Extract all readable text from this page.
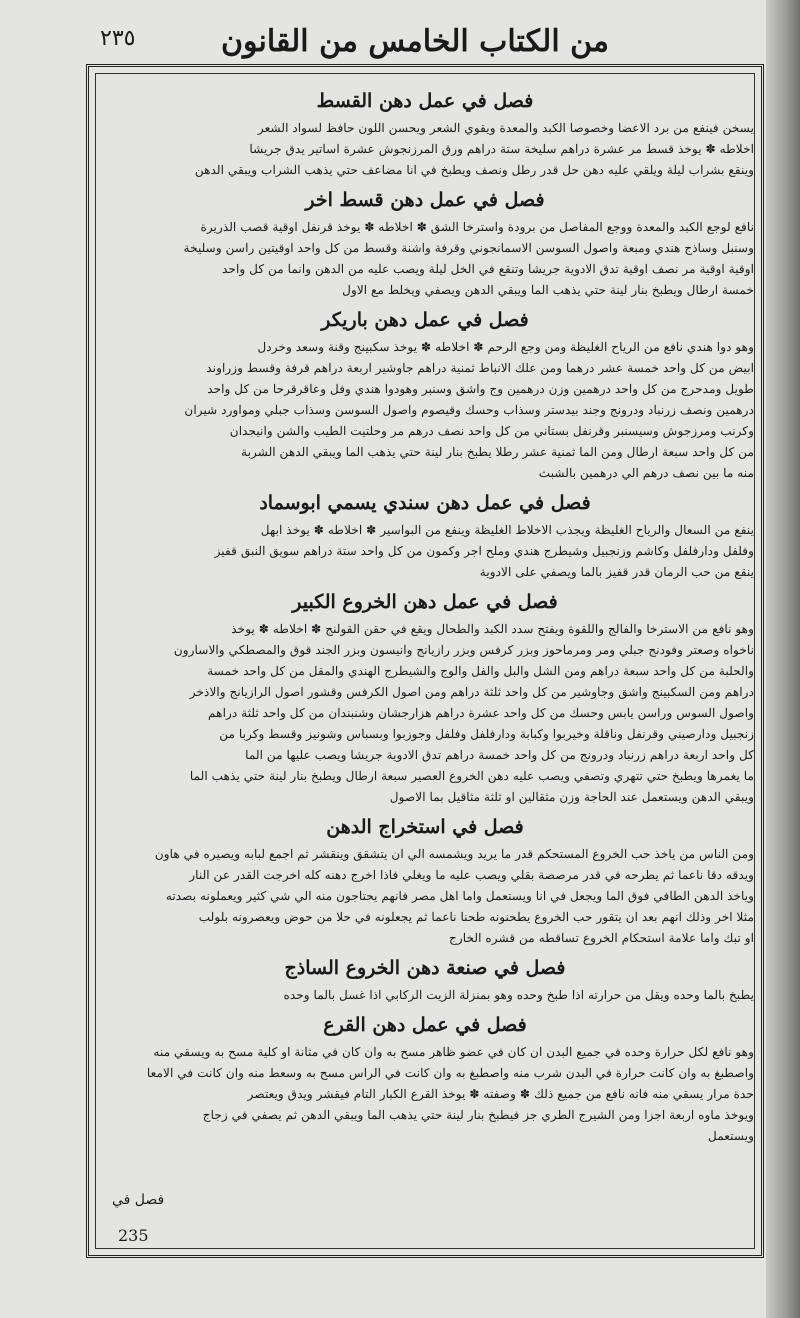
٢٣٥	من الكتاب الخامس من القانون
فصل في عمل دهن القسط
يسخن فينفع من برد الاعضا وخصوصا الكبد والمعدة ويقوي الشعر ويحسن اللون حافظ لسواد الشعر
اخلاطه ✽ يوخذ قسط مر عشرة دراهم سليخة ستة دراهم ورق المرزنجوش عشرة اساتير يدق جريشا
وينقع بشراب ليلة ويلقي عليه دهن حل قدر رطل ونصف ويطبخ في انا مضاعف حتي يذهب الشراب ويبقي الدهن
فصل في عمل دهن قسط اخر
نافع لوجع الكبد والمعدة ووجع المفاصل من برودة واسترخا الشق ✽ اخلاطه ✽ يوخذ قرنفل اوقية قصب الذريرة
وسنبل وساذج هندي ومبعة واصول السوسن الاسمانجوني وقرفة واشنة وقسط من كل واحد اوقيتين راسن وسليخة
اوقية اوقية مر نصف اوقية تدق الادوية جريشا وتنقع في الخل ليلة ويصب عليه من الدهن وانما من كل واحد
خمسة ارطال ويطبخ بنار لينة حتي يذهب الما ويبقي الدهن ويصفي ويخلط مع الاول
فصل في عمل دهن باريكر
وهو دوا هندي نافع من الرياح الغليظة ومن وجع الرحم ✽ اخلاطه ✽ يوخذ سكبينج وقنة وسعد وخردل
ابيض من كل واحد خمسة عشر درهما ومن علك الانباط ثمنية دراهم جاوشير اربعة دراهم قرفة وقسط وزراوند
طويل ومدحرج من كل واحد درهمين وزن درهمين وج واشق وسنبر وهودوا هندي وفل وعاقرقرحا من كل واحد
درهمين ونصف زرنباد ودرونج وجند بيدستر وسذاب وحسك وقيصوم واصول السوسن وسذاب جبلي ومواورد شيران
وكرنب ومرزجوش وسيسنبر وقرنفل بستاني من كل واحد نصف درهم مر وحلتيت الطيب والشن وانيجدان
من كل واحد سبعة ارطال ومن الما ثمنية عشر رطلا يطبخ بنار لينة حتي يذهب الما ويبقي الدهن الشربة
منه ما بين نصف درهم الي درهمين بالشبث
فصل في عمل دهن سندي يسمي ابوسماد
ينفع من السعال والرياح الغليظة ويجذب الاخلاط الغليظة وينفع من البواسير ✽ اخلاطه ✽ يوخذ ابهل
وفلفل ودارفلفل وكاشم وزنجبيل وشيطرج هندي وملح اجر وكمون من كل واحد ستة دراهم سويق النبق قفيز
ينقع من حب الرمان قدر قفيز بالما ويصفي على الادوية
فصل في عمل دهن الخروع الكبير
وهو نافع من الاسترخا والفالج واللقوة ويفتح سدد الكبد والطحال ويقع في حقن القولنج ✽ اخلاطه ✽ يوخذ
ناخواه وصعتر وفودنج جبلي ومر ومرماحوز وبزر كرفس وبزر رازيانج وانيسون وبزر الجند قوق والمصطكي والاسارون
والحلبة من كل واحد سبعة دراهم ومن الشل والبل والفل والوج والشيطرج الهندي والمقل من كل واحد خمسة
دراهم ومن السكبينج واشق وجاوشير من كل واحد ثلثة دراهم ومن اصول الكرفس وقشور اصول الرازيانج والاذخر
واصول السوس وراسن يابس وحسك من كل واحد عشرة دراهم هزارجشان وشنبندان من كل واحد ثلثة دراهم
زنجبيل ودارصيني وقرنفل وناقلة وخيربوا وكبابة ودارفلفل وفلفل وجوزبوا وبسباس وشونيز وقسط وكربا من
كل واحد اربعة دراهم زرنباد ودرونج من كل واحد خمسة دراهم تدق الادوية جريشا ويصب عليها من الما
ما يغمرها ويطبخ حتي تتهري وتصفي ويصب عليه دهن الخروع العصير سبعة ارطال ويطبخ بنار لينة حتي يذهب الما
ويبقي الدهن ويستعمل عند الحاجة وزن مثقالين او ثلثة مثاقيل بما الاصول
فصل في استخراج الدهن
ومن الناس من ياخذ حب الخروع المستحكم قدر ما يريد ويشمسه الي ان يتشقق وينقشر ثم اجمع لبابه ويصيره في هاون
ويدقه دقا ناعما ثم يطرحه في قدر مرصصة بقلي ويصب عليه ما ويغلي فاذا اخرج دهنه كله اخرجت القدر عن النار
وياخذ الدهن الطافي فوق الما ويجعل في انا ويستعمل واما اهل مصر فانهم يحتاجون منه الي شي كثير ويعملونه بصدته
مثلا اخر وذلك انهم بعد ان يتقور حب الخروع يطحنونه طحنا ناعما ثم يجعلونه في حلا من حوض ويعصرونه بلولب
او تبك واما علامة استحكام الخروع تساقطه من قشره الخارج
فصل في صنعة دهن الخروع الساذج
يطبخ بالما وحده ويقل من حرارته اذا طبخ وحده وهو بمنزلة الزيت الركابي اذا غسل بالما وحده
فصل في عمل دهن القرع
وهو نافع لكل حرارة وحده في جميع البدن ان كان في عضو ظاهر مسح به وان كان في مثانة او كلية مسح به ويسقي منه
واصطبغ به وان كانت حرارة في البدن شرب منه واصطبغ به وان كانت في الراس مسح به وسعط منه وان كانت في الامعا
حدة مرار يسقي منه فانه نافع من جميع ذلك ✽ وصفته ✽ يوخذ القرع الكبار التام فيقشر ويدق ويعتصر
ويوخذ ماوه اربعة اجزا ومن الشيرج الطري جز فيطبخ بنار لينة حتي يذهب الما ويبقي الدهن ثم يصفي في زجاج
ويستعمل
فصل في
235
